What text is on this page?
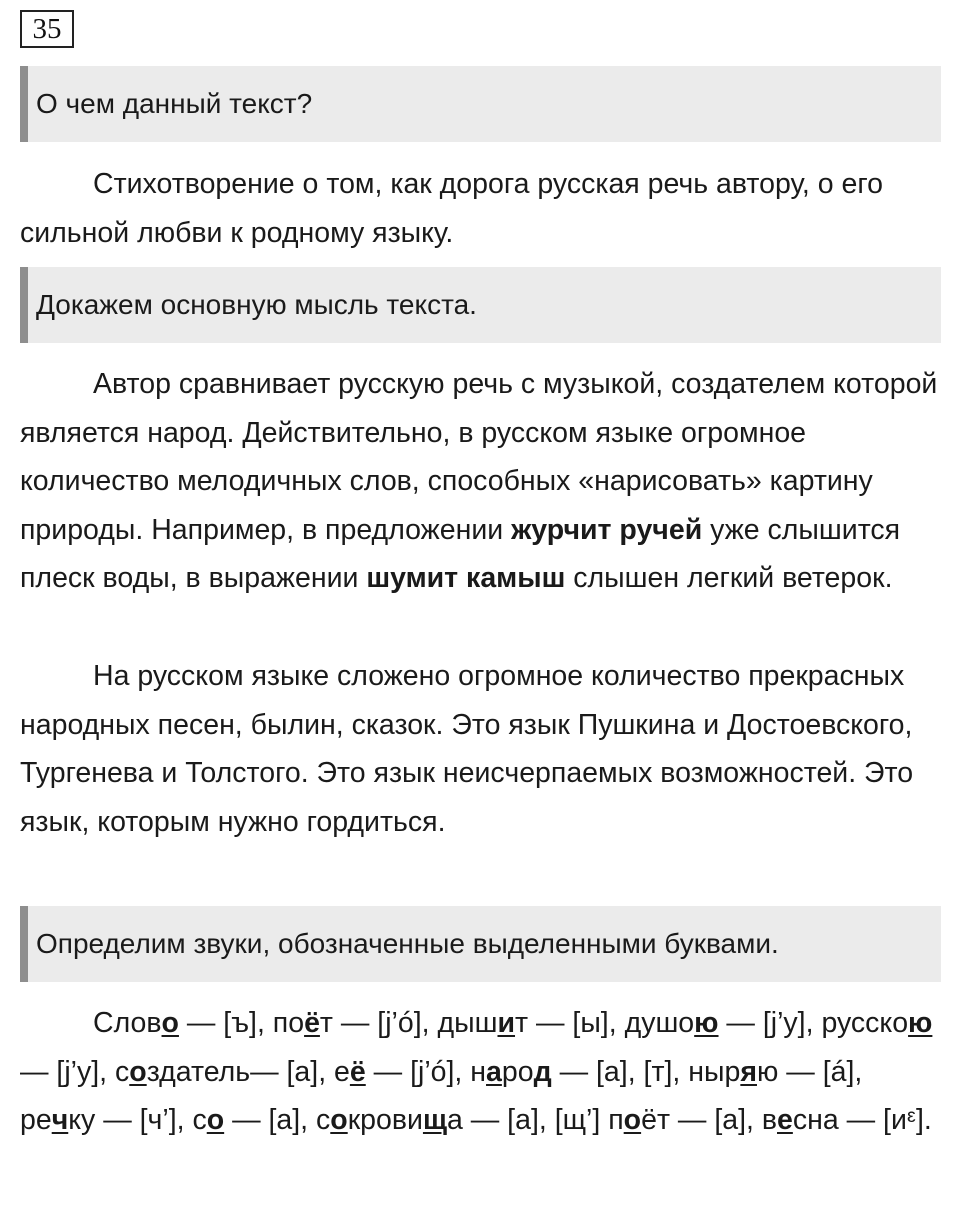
35
О чем данный текст?
Стихотворение о том, как дорога русская речь автору, о его сильной любви к родному языку.
Докажем основную мысль текста.
Автор сравнивает русскую речь с музыкой, создателем которой является народ. Действительно, в русском языке огромное количество мелодичных слов, способных «нарисовать» картину природы. Например, в предложении журчит ручей уже слышится плеск воды, в выражении шумит камыш слышен легкий ветерок.
На русском языке сложено огромное количество прекрасных народных песен, былин, сказок. Это язык Пушкина и Достоевского, Тургенева и Толстого. Это язык неисчерпаемых возможностей. Это язык, которым нужно гордиться.
Определим звуки, обозначенные выделенными буквами.
Слово — [ъ], поёт — [j’ó], дышит — [ы], душою — [j’у], русскою — [j’у], создатель— [а], её — [j’ó], народ — [а], [т], ныряю — [á], речку — [ч’], со — [а], сокровища — [а], [щ’] поёт — [а], весна — [иᵋ].
